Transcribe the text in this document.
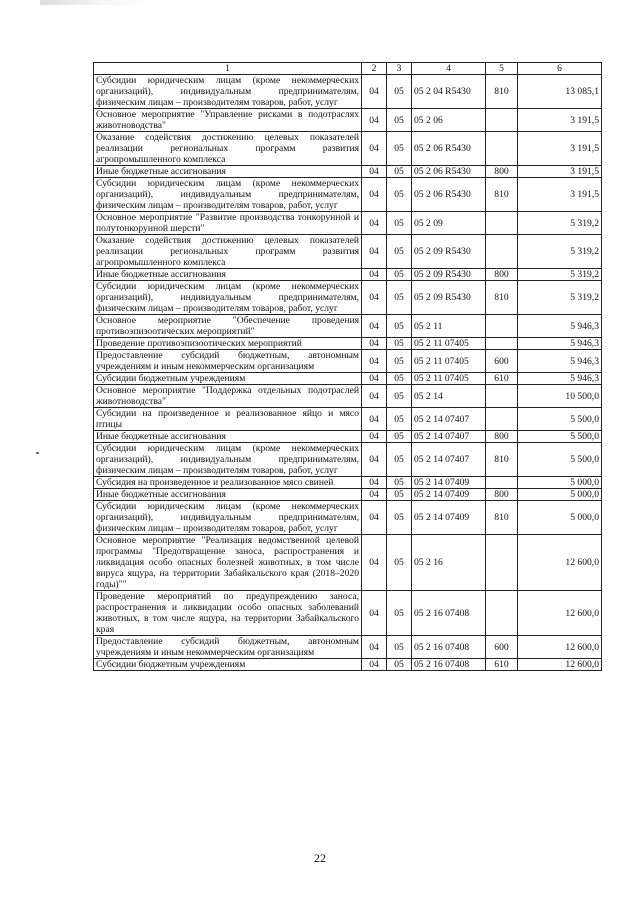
1	2	3	4	5	6
Субсидии юридическим лицам (кроме некоммерческих организаций), индивидуальным предпринимателям, физическим лицам – производителям товаров, работ, услуг	04	05	05 2 04 R5430	810	13 085,1
Основное мероприятие "Управление рисками в подотраслях животноводства"	04	05	05 2 06		3 191,5
Оказание содействия достижению целевых показателей реализации региональных программ развития агропромышленного комплекса	04	05	05 2 06 R5430		3 191,5
Иные бюджетные ассигнования	04	05	05 2 06 R5430	800	3 191,5
Субсидии юридическим лицам (кроме некоммерческих организаций), индивидуальным предпринимателям, физическим лицам – производителям товаров, работ, услуг	04	05	05 2 06 R5430	810	3 191,5
Основное мероприятие "Развитие производства тонкорунной и полутонкорунной шерсти"	04	05	05 2 09		5 319,2
Оказание содействия достижению целевых показателей реализации региональных программ развития агропромышленного комплекса	04	05	05 2 09 R5430		5 319,2
Иные бюджетные ассигнования	04	05	05 2 09 R5430	800	5 319,2
Субсидии юридическим лицам (кроме некоммерческих организаций), индивидуальным предпринимателям, физическим лицам – производителям товаров, работ, услуг	04	05	05 2 09 R5430	810	5 319,2
Основное мероприятие "Обеспечение проведения противоэпизоотических мероприятий"	04	05	05 2 11		5 946,3
Проведение противоэпизоотических мероприятий	04	05	05 2 11 07405		5 946,3
Предоставление субсидий бюджетным, автономным учреждениям и иным некоммерческим организациям	04	05	05 2 11 07405	600	5 946,3
Субсидии бюджетным учреждениям	04	05	05 2 11 07405	610	5 946,3
Основное мероприятие "Поддержка отдельных подотраслей животноводства"	04	05	05 2 14		10 500,0
Субсидии на произведенное и реализованное яйцо и мясо птицы	04	05	05 2 14 07407		5 500,0
Иные бюджетные ассигнования	04	05	05 2 14 07407	800	5 500,0
Субсидии юридическим лицам (кроме некоммерческих организаций), индивидуальным предпринимателям, физическим лицам – производителям товаров, работ, услуг	04	05	05 2 14 07407	810	5 500,0
Субсидия на произведенное и реализованное мясо свиней	04	05	05 2 14 07409		5 000,0
Иные бюджетные ассигнования	04	05	05 2 14 07409	800	5 000,0
Субсидии юридическим лицам (кроме некоммерческих организаций), индивидуальным предпринимателям, физическим лицам – производителям товаров, работ, услуг	04	05	05 2 14 07409	810	5 000,0
Основное мероприятие "Реализация ведомственной целевой программы "Предотвращение заноса, распространения и ликвидация особо опасных болезней животных, в том числе вируса ящура, на территории Забайкальского края (2018–2020 годы)""	04	05	05 2 16		12 600,0
Проведение мероприятий по предупреждению заноса, распространения и ликвидации особо опасных заболеваний животных, в том числе ящура, на территории Забайкальского края	04	05	05 2 16 07408		12 600,0
Предоставление субсидий бюджетным, автономным учреждениям и иным некоммерческим организациям	04	05	05 2 16 07408	600	12 600,0
Субсидии бюджетным учреждениям	04	05	05 2 16 07408	610	12 600,0
22
